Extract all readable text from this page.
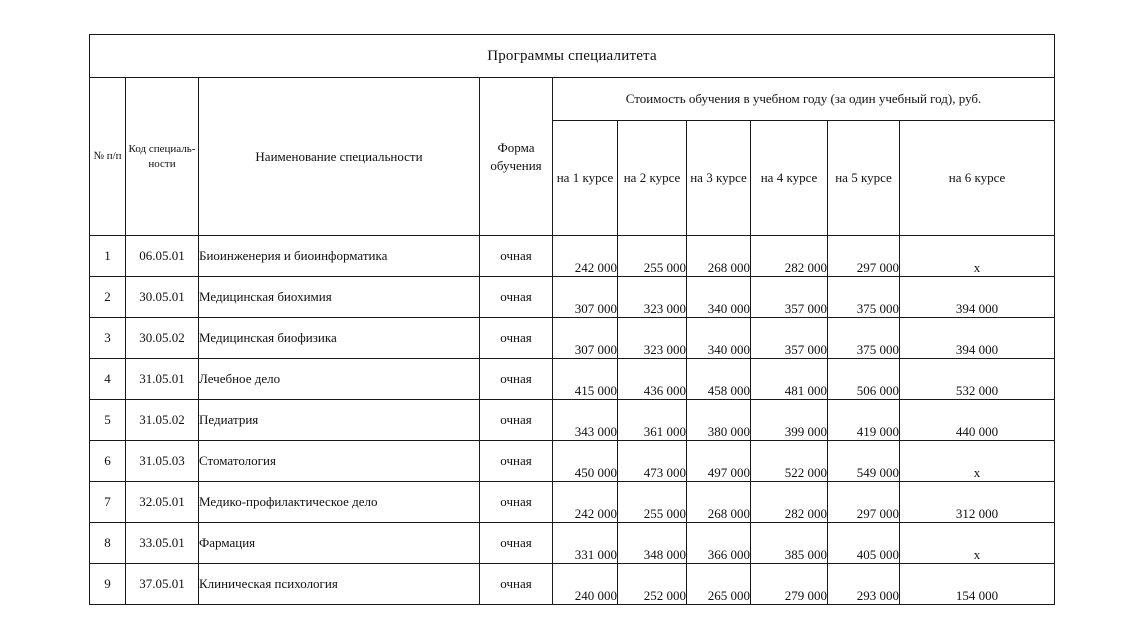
Программы специалитета									
№ п/п	Код специаль-ности	Наименование специальности	Форма обучения	Стоимость обучения в учебном году (за один учебный год), руб.					
				на 1 курсе	на 2 курсе	на 3 курсе	на 4 курсе	на 5 курсе	на 6 курсе
1	06.05.01	Биоинженерия и биоинформатика	очная	242 000	255 000	268 000	282 000	297 000	x
2	30.05.01	Медицинская биохимия	очная	307 000	323 000	340 000	357 000	375 000	394 000
3	30.05.02	Медицинская биофизика	очная	307 000	323 000	340 000	357 000	375 000	394 000
4	31.05.01	Лечебное дело	очная	415 000	436 000	458 000	481 000	506 000	532 000
5	31.05.02	Педиатрия	очная	343 000	361 000	380 000	399 000	419 000	440 000
6	31.05.03	Стоматология	очная	450 000	473 000	497 000	522 000	549 000	x
7	32.05.01	Медико-профилактическое дело	очная	242 000	255 000	268 000	282 000	297 000	312 000
8	33.05.01	Фармация	очная	331 000	348 000	366 000	385 000	405 000	x
9	37.05.01	Клиническая психология	очная	240 000	252 000	265 000	279 000	293 000	154 000
